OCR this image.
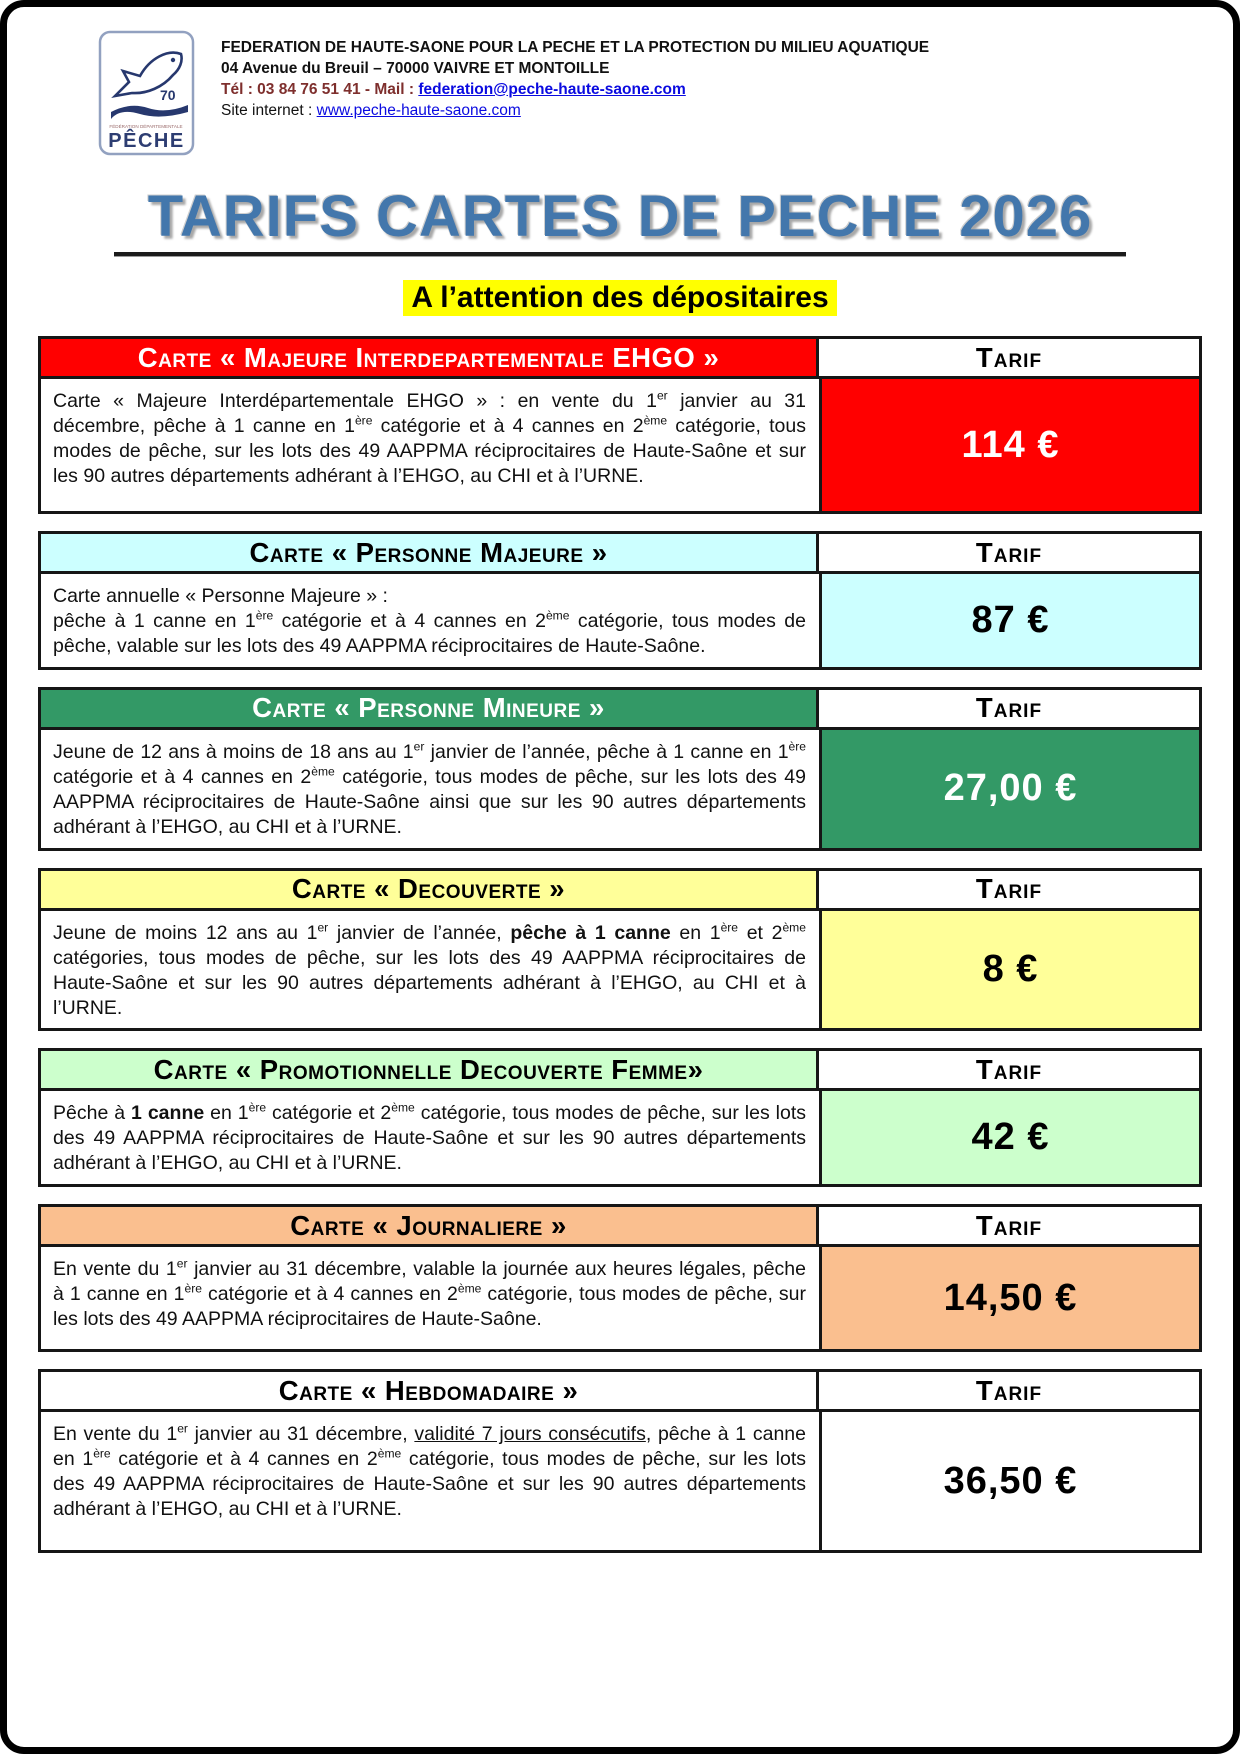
70
FÉDÉRATION DÉPARTEMENTALE
PÊCHE
FEDERATION DE HAUTE-SAONE POUR LA PECHE ET LA PROTECTION DU MILIEU AQUATIQUE
04 Avenue du Breuil – 70000 VAIVRE ET MONTOILLE
Tél : 03 84 76 51 41 - Mail : federation@peche-haute-saone.com
Site internet : www.peche-haute-saone.com
TARIFS CARTES DE PECHE 2026
A l’attention des dépositaires
Carte « Majeure Interdepartementale EHGO »	Tarif
Carte « Majeure Interdépartementale EHGO » : en vente du 1er janvier au 31 décembre, pêche à 1 canne en 1ère catégorie et à 4 cannes en 2ème catégorie, tous modes de pêche, sur les lots des 49 AAPPMA réciprocitaires de Haute-Saône et sur les 90 autres départements adhérant à l’EHGO, au CHI et à l’URNE.
114 €
Carte « Personne Majeure »	Tarif
Carte annuelle « Personne Majeure » :
pêche à 1 canne en 1ère catégorie et à 4 cannes en 2ème catégorie, tous modes de pêche, valable sur les lots des 49 AAPPMA réciprocitaires de Haute-Saône.
87 €
Carte « Personne Mineure »	Tarif
Jeune de 12 ans à moins de 18 ans au 1er janvier de l’année, pêche à 1 canne en 1ère catégorie et à 4 cannes en 2ème catégorie, tous modes de pêche, sur les lots des 49 AAPPMA réciprocitaires de Haute-Saône ainsi que sur les 90 autres départements adhérant à l’EHGO, au CHI et à l’URNE.
27,00 €
Carte « Decouverte »	Tarif
Jeune de moins 12 ans au 1er janvier de l’année, pêche à 1 canne en 1ère et 2ème catégories, tous modes de pêche, sur les lots des 49 AAPPMA réciprocitaires de Haute-Saône et sur les 90 autres départements adhérant à l’EHGO, au CHI et à l’URNE.
8 €
Carte « Promotionnelle Decouverte Femme»	Tarif
Pêche à 1 canne en 1ère catégorie et 2ème catégorie, tous modes de pêche, sur les lots des 49 AAPPMA réciprocitaires de Haute-Saône et sur les 90 autres départements adhérant à l’EHGO, au CHI et à l’URNE.
42 €
Carte « Journaliere »	Tarif
En vente du 1er janvier au 31 décembre, valable la journée aux heures légales, pêche à 1 canne en 1ère catégorie et à 4 cannes en 2ème catégorie, tous modes de pêche, sur les lots des 49 AAPPMA réciprocitaires de Haute-Saône.
14,50 €
Carte « Hebdomadaire »	Tarif
En vente du 1er janvier au 31 décembre, validité 7 jours consécutifs, pêche à 1 canne en 1ère catégorie et à 4 cannes en 2ème catégorie, tous modes de pêche, sur les lots des 49 AAPPMA réciprocitaires de Haute-Saône et sur les 90 autres départements adhérant à l’EHGO, au CHI et à l’URNE.
36,50 €
